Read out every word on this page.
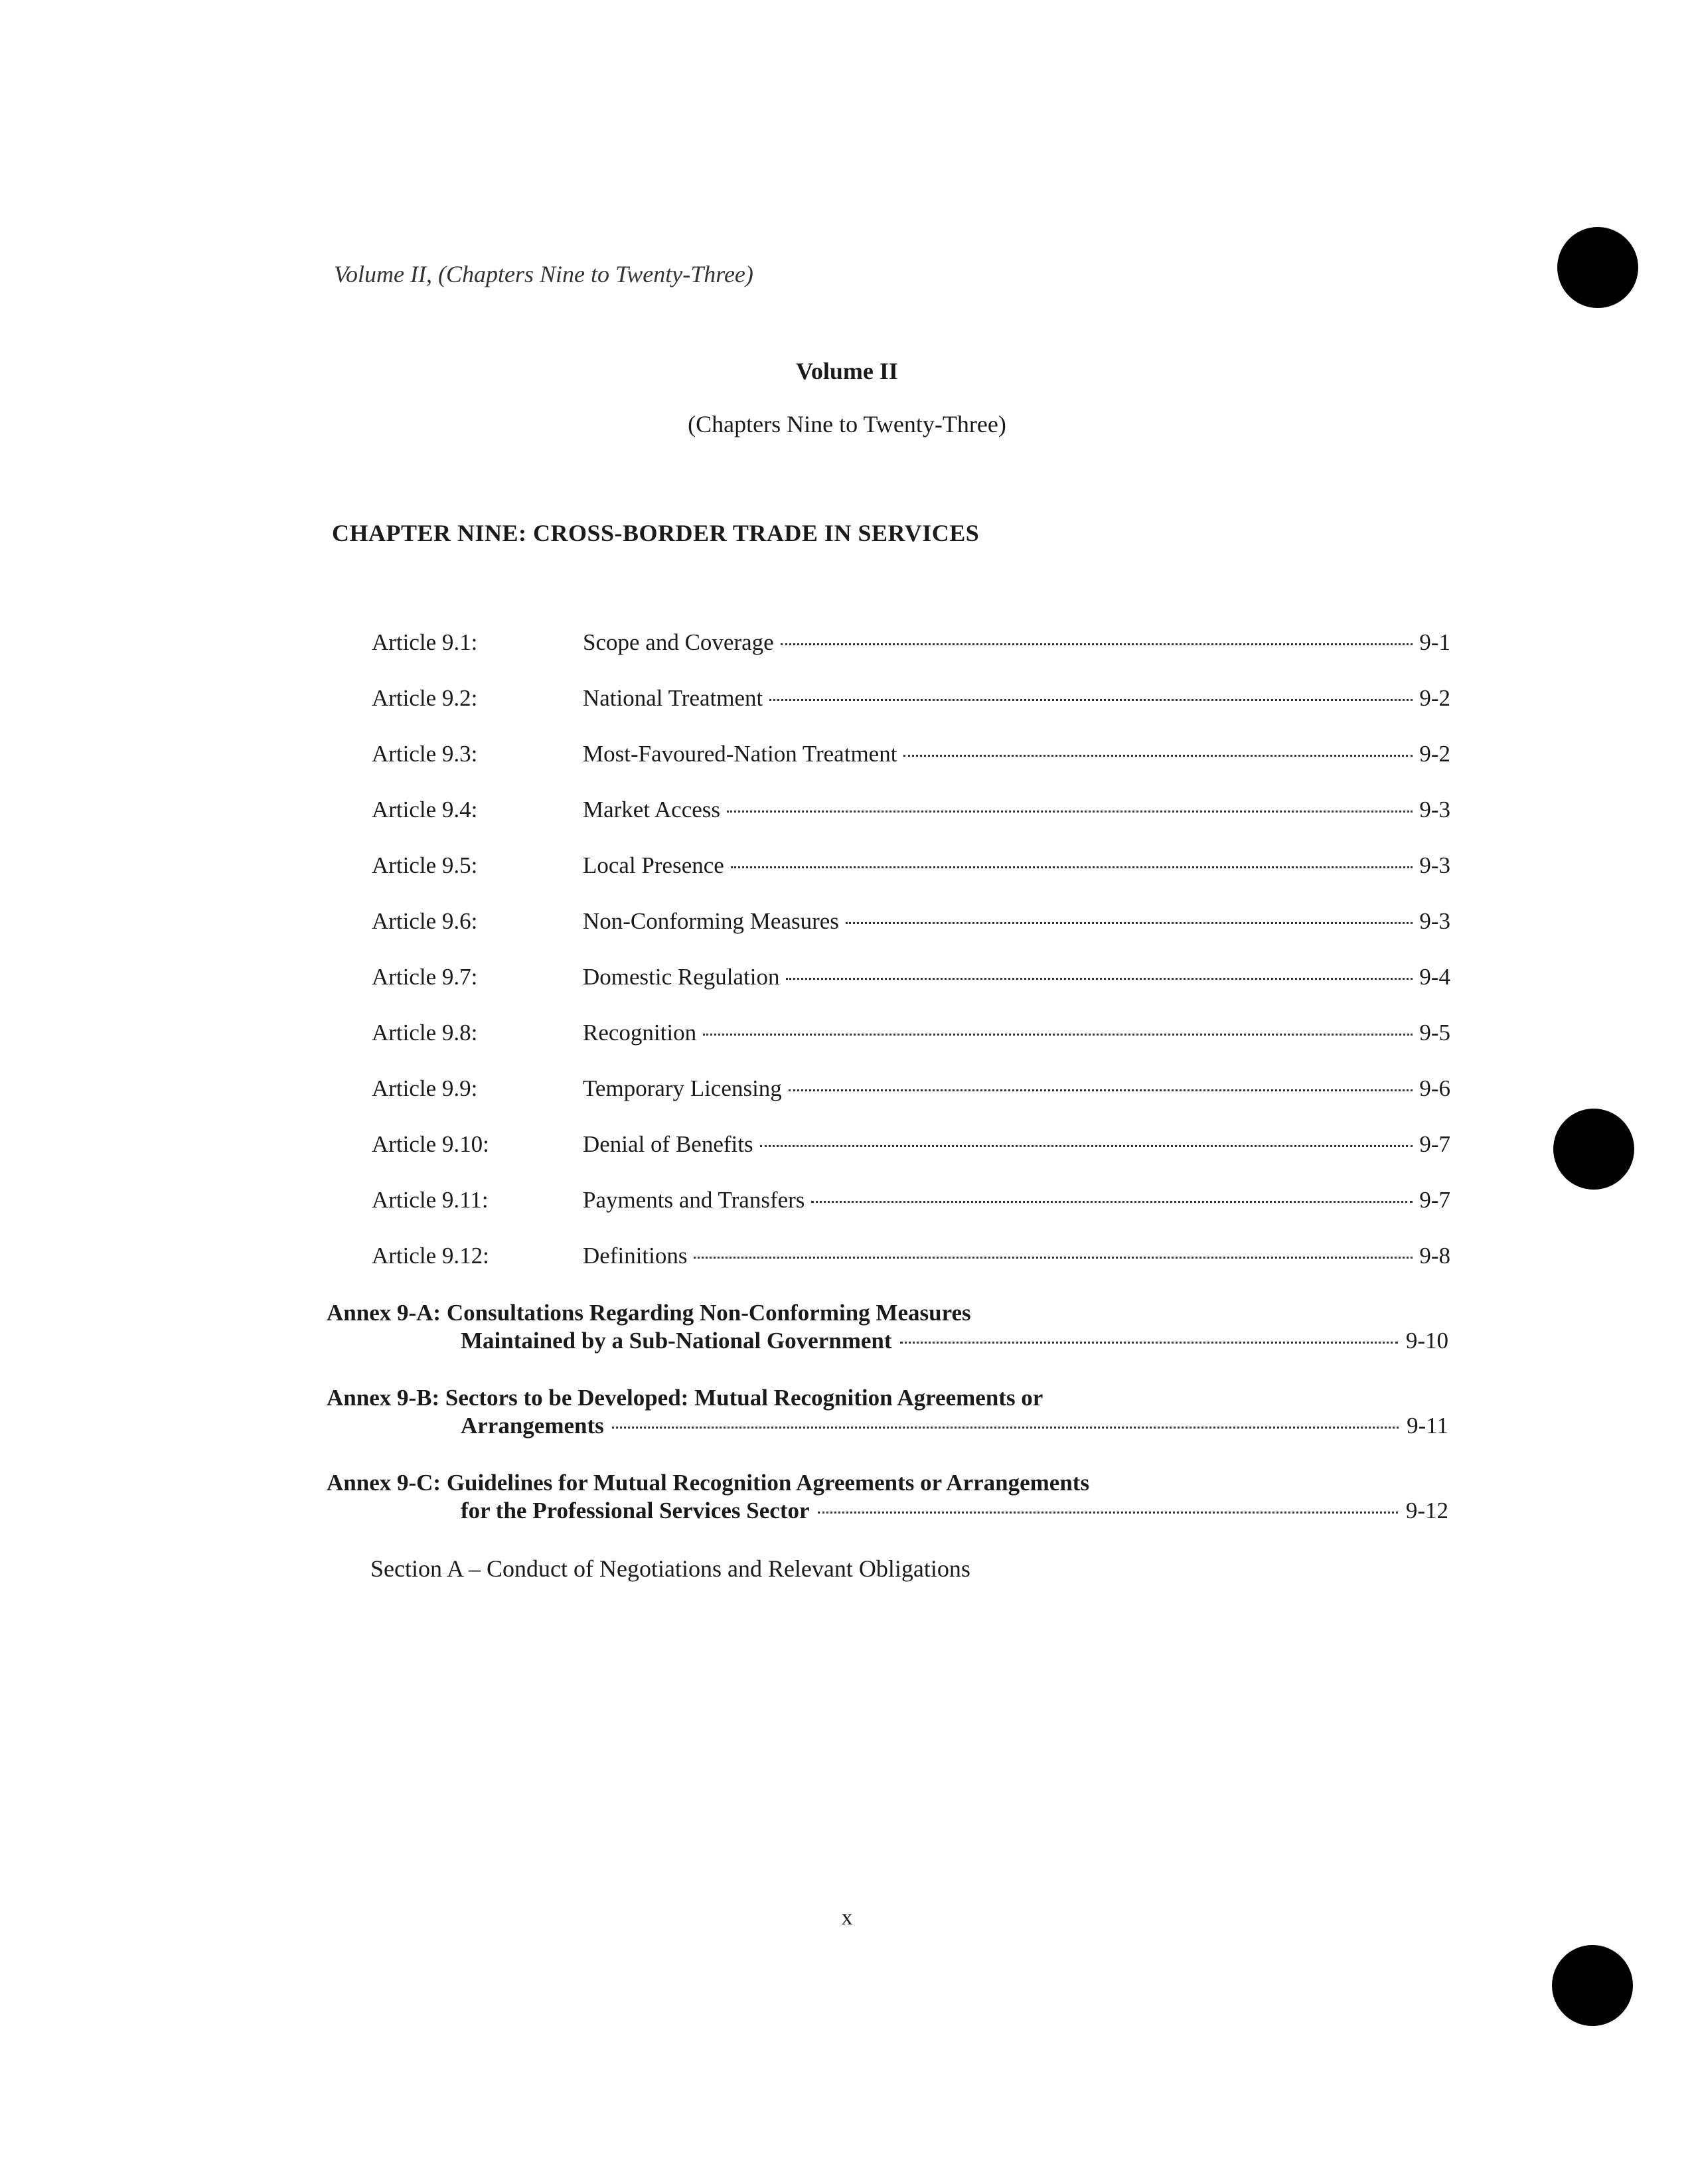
Volume II, (Chapters Nine to Twenty-Three)
Volume II
(Chapters Nine to Twenty-Three)
CHAPTER NINE: CROSS-BORDER TRADE IN SERVICES
Article 9.1:	Scope and Coverage	9-1
Article 9.2:	National Treatment	9-2
Article 9.3:	Most-Favoured-Nation Treatment	9-2
Article 9.4:	Market Access	9-3
Article 9.5:	Local Presence	9-3
Article 9.6:	Non-Conforming Measures	9-3
Article 9.7:	Domestic Regulation	9-4
Article 9.8:	Recognition	9-5
Article 9.9:	Temporary Licensing	9-6
Article 9.10:	Denial of Benefits	9-7
Article 9.11:	Payments and Transfers	9-7
Article 9.12:	Definitions	9-8
Annex 9-A: Consultations Regarding Non-Conforming Measures
Maintained by a Sub-National Government	9-10
Annex 9-B: Sectors to be Developed: Mutual Recognition Agreements or
Arrangements	9-11
Annex 9-C: Guidelines for Mutual Recognition Agreements or Arrangements
for the Professional Services Sector	9-12
Section A – Conduct of Negotiations and Relevant Obligations
x
